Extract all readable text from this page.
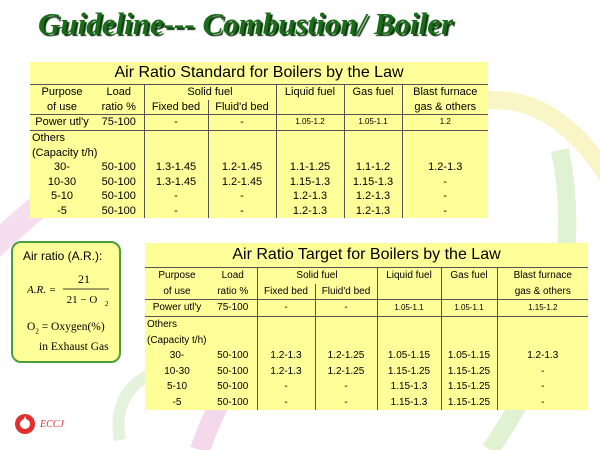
Guideline--- Combustion/ Boiler
Air Ratio Standard for Boilers by the Law						
Purpose	Load	Solid fuel		Liquid fuel	Gas fuel	Blast furnace
of use	ratio %	Fixed bed	Fluid'd bed			gas & others
Power utl'y	75-100	-	-	1.05-1.2	1.05-1.1	1.2
Others						
(Capacity t/h)						
30-	50-100	1.3-1.45	1.2-1.45	1.1-1.25	1.1-1.2	1.2-1.3
10-30	50-100	1.3-1.45	1.2-1.45	1.15-1.3	1.15-1.3	-
5-10	50-100	-	-	1.2-1.3	1.2-1.3	-
-5	50-100	-	-	1.2-1.3	1.2-1.3	-
Air ratio (A.R.):
A.R. =
21
21 − O 2
$O_2$ = Oxygen(%)
in Exhaust Gas
Air Ratio Target for Boilers by the Law						
Purpose	Load	Solid fuel		Liquid fuel	Gas fuel	Blast furnace
of use	ratio %	Fixed bed	Fluid'd bed			gas & others
Power utl'y	75-100	-	-	1.05-1.1	1.05-1.1	1.15-1.2
Others						
(Capacity t/h)						
30-	50-100	1.2-1.3	1.2-1.25	1.05-1.15	1.05-1.15	1.2-1.3
10-30	50-100	1.2-1.3	1.2-1.25	1.15-1.25	1.15-1.25	-
5-10	50-100	-	-	1.15-1.3	1.15-1.25	-
-5	50-100	-	-	1.15-1.3	1.15-1.25	-
ECCJ
